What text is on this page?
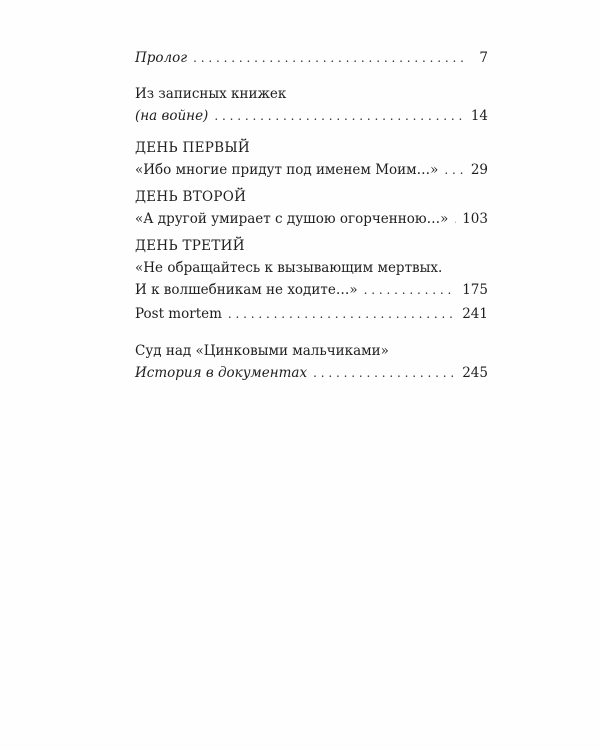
Пролог . . .	7
Из записных книжек
(на войне) . . .	14
ДЕНЬ ПЕРВЫЙ
«Ибо многие придут под именем Моим…» . . . 29
ДЕНЬ ВТОРОЙ
«А другой умирает с душою огорченною…» . . . 103
ДЕНЬ ТРЕТИЙ
«Не обращайтесь к вызывающим мертвых.
И к волшебникам не ходите…» . . .	175
Post mortem . . .	241
Суд над «Цинковыми мальчиками»
История в документах . . .	245
